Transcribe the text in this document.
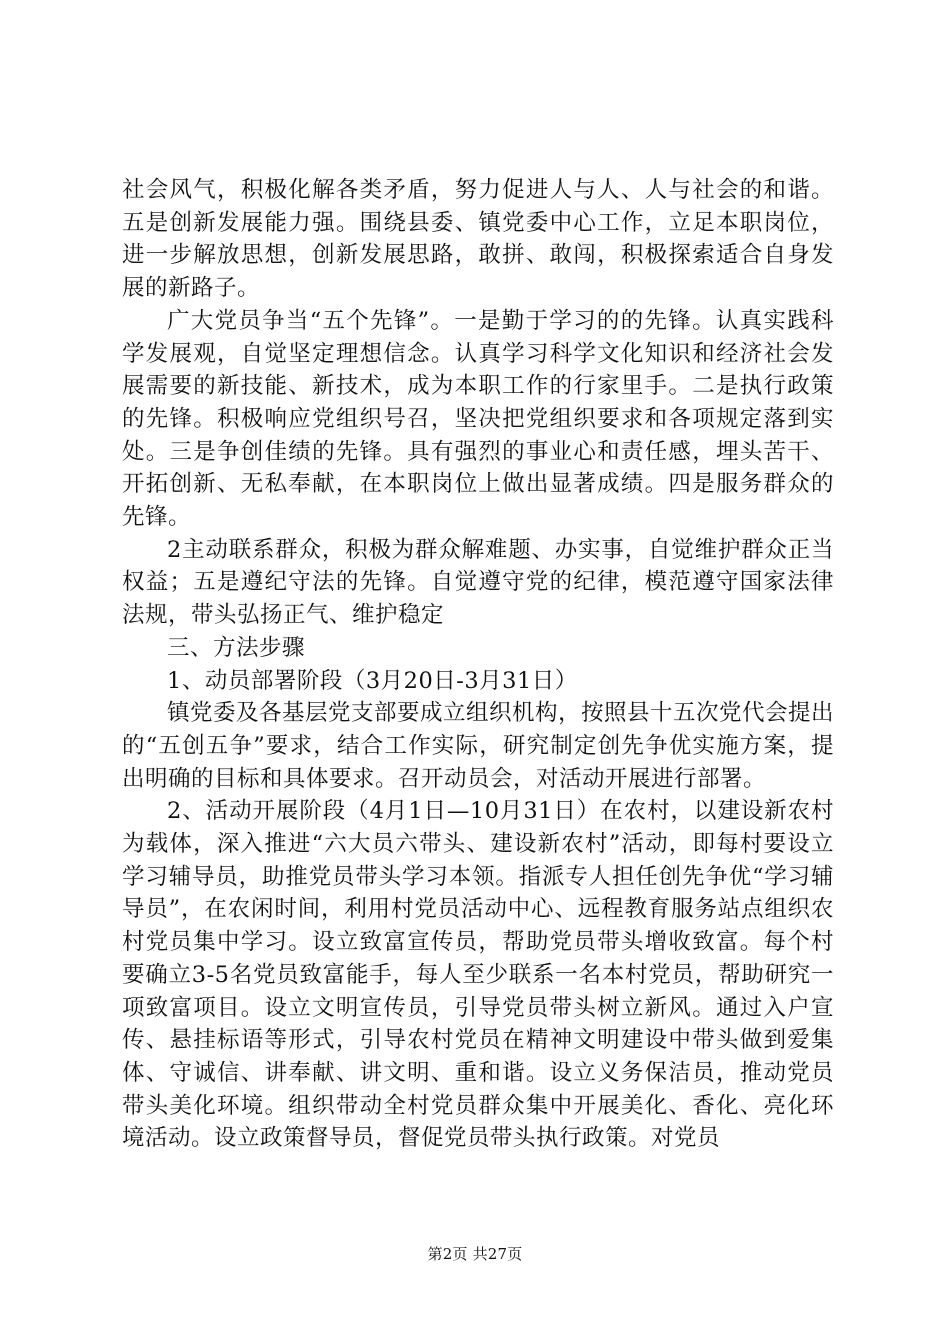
社会风气，积极化解各类矛盾，努力促进人与人、人与社会的和谐。五是创新发展能力强。围绕县委、镇党委中心工作，立足本职岗位，进一步解放思想，创新发展思路，敢拼、敢闯，积极探索适合自身发展的新路子。

广大党员争当“五个先锋”。一是勤于学习的的先锋。认真实践科学发展观，自觉坚定理想信念。认真学习科学文化知识和经济社会发展需要的新技能、新技术，成为本职工作的行家里手。二是执行政策的先锋。积极响应党组织号召，坚决把党组织要求和各项规定落到实处。三是争创佳绩的先锋。具有强烈的事业心和责任感，埋头苦干、开拓创新、无私奉献，在本职岗位上做出显著成绩。四是服务群众的先锋。

2主动联系群众，积极为群众解难题、办实事，自觉维护群众正当权益；五是遵纪守法的先锋。自觉遵守党的纪律，模范遵守国家法律法规，带头弘扬正气、维护稳定

三、方法步骤

1、动员部署阶段（3月20日-3月31日）

镇党委及各基层党支部要成立组织机构，按照县十五次党代会提出的“五创五争”要求，结合工作实际，研究制定创先争优实施方案，提出明确的目标和具体要求。召开动员会，对活动开展进行部署。

2、活动开展阶段（4月1日—10月31日）在农村，以建设新农村为载体，深入推进“六大员六带头、建设新农村”活动，即每村要设立学习辅导员，助推党员带头学习本领。指派专人担任创先争优“学习辅导员”，在农闲时间，利用村党员活动中心、远程教育服务站点组织农村党员集中学习。设立致富宣传员，帮助党员带头增收致富。每个村要确立3-5名党员致富能手，每人至少联系一名本村党员，帮助研究一项致富项目。设立文明宣传员，引导党员带头树立新风。通过入户宣传、悬挂标语等形式，引导农村党员在精神文明建设中带头做到爱集体、守诚信、讲奉献、讲文明、重和谐。设立义务保洁员，推动党员带头美化环境。组织带动全村党员群众集中开展美化、香化、亮化环境活动。设立政策督导员，督促党员带头执行政策。对党员

第2页 共27页
